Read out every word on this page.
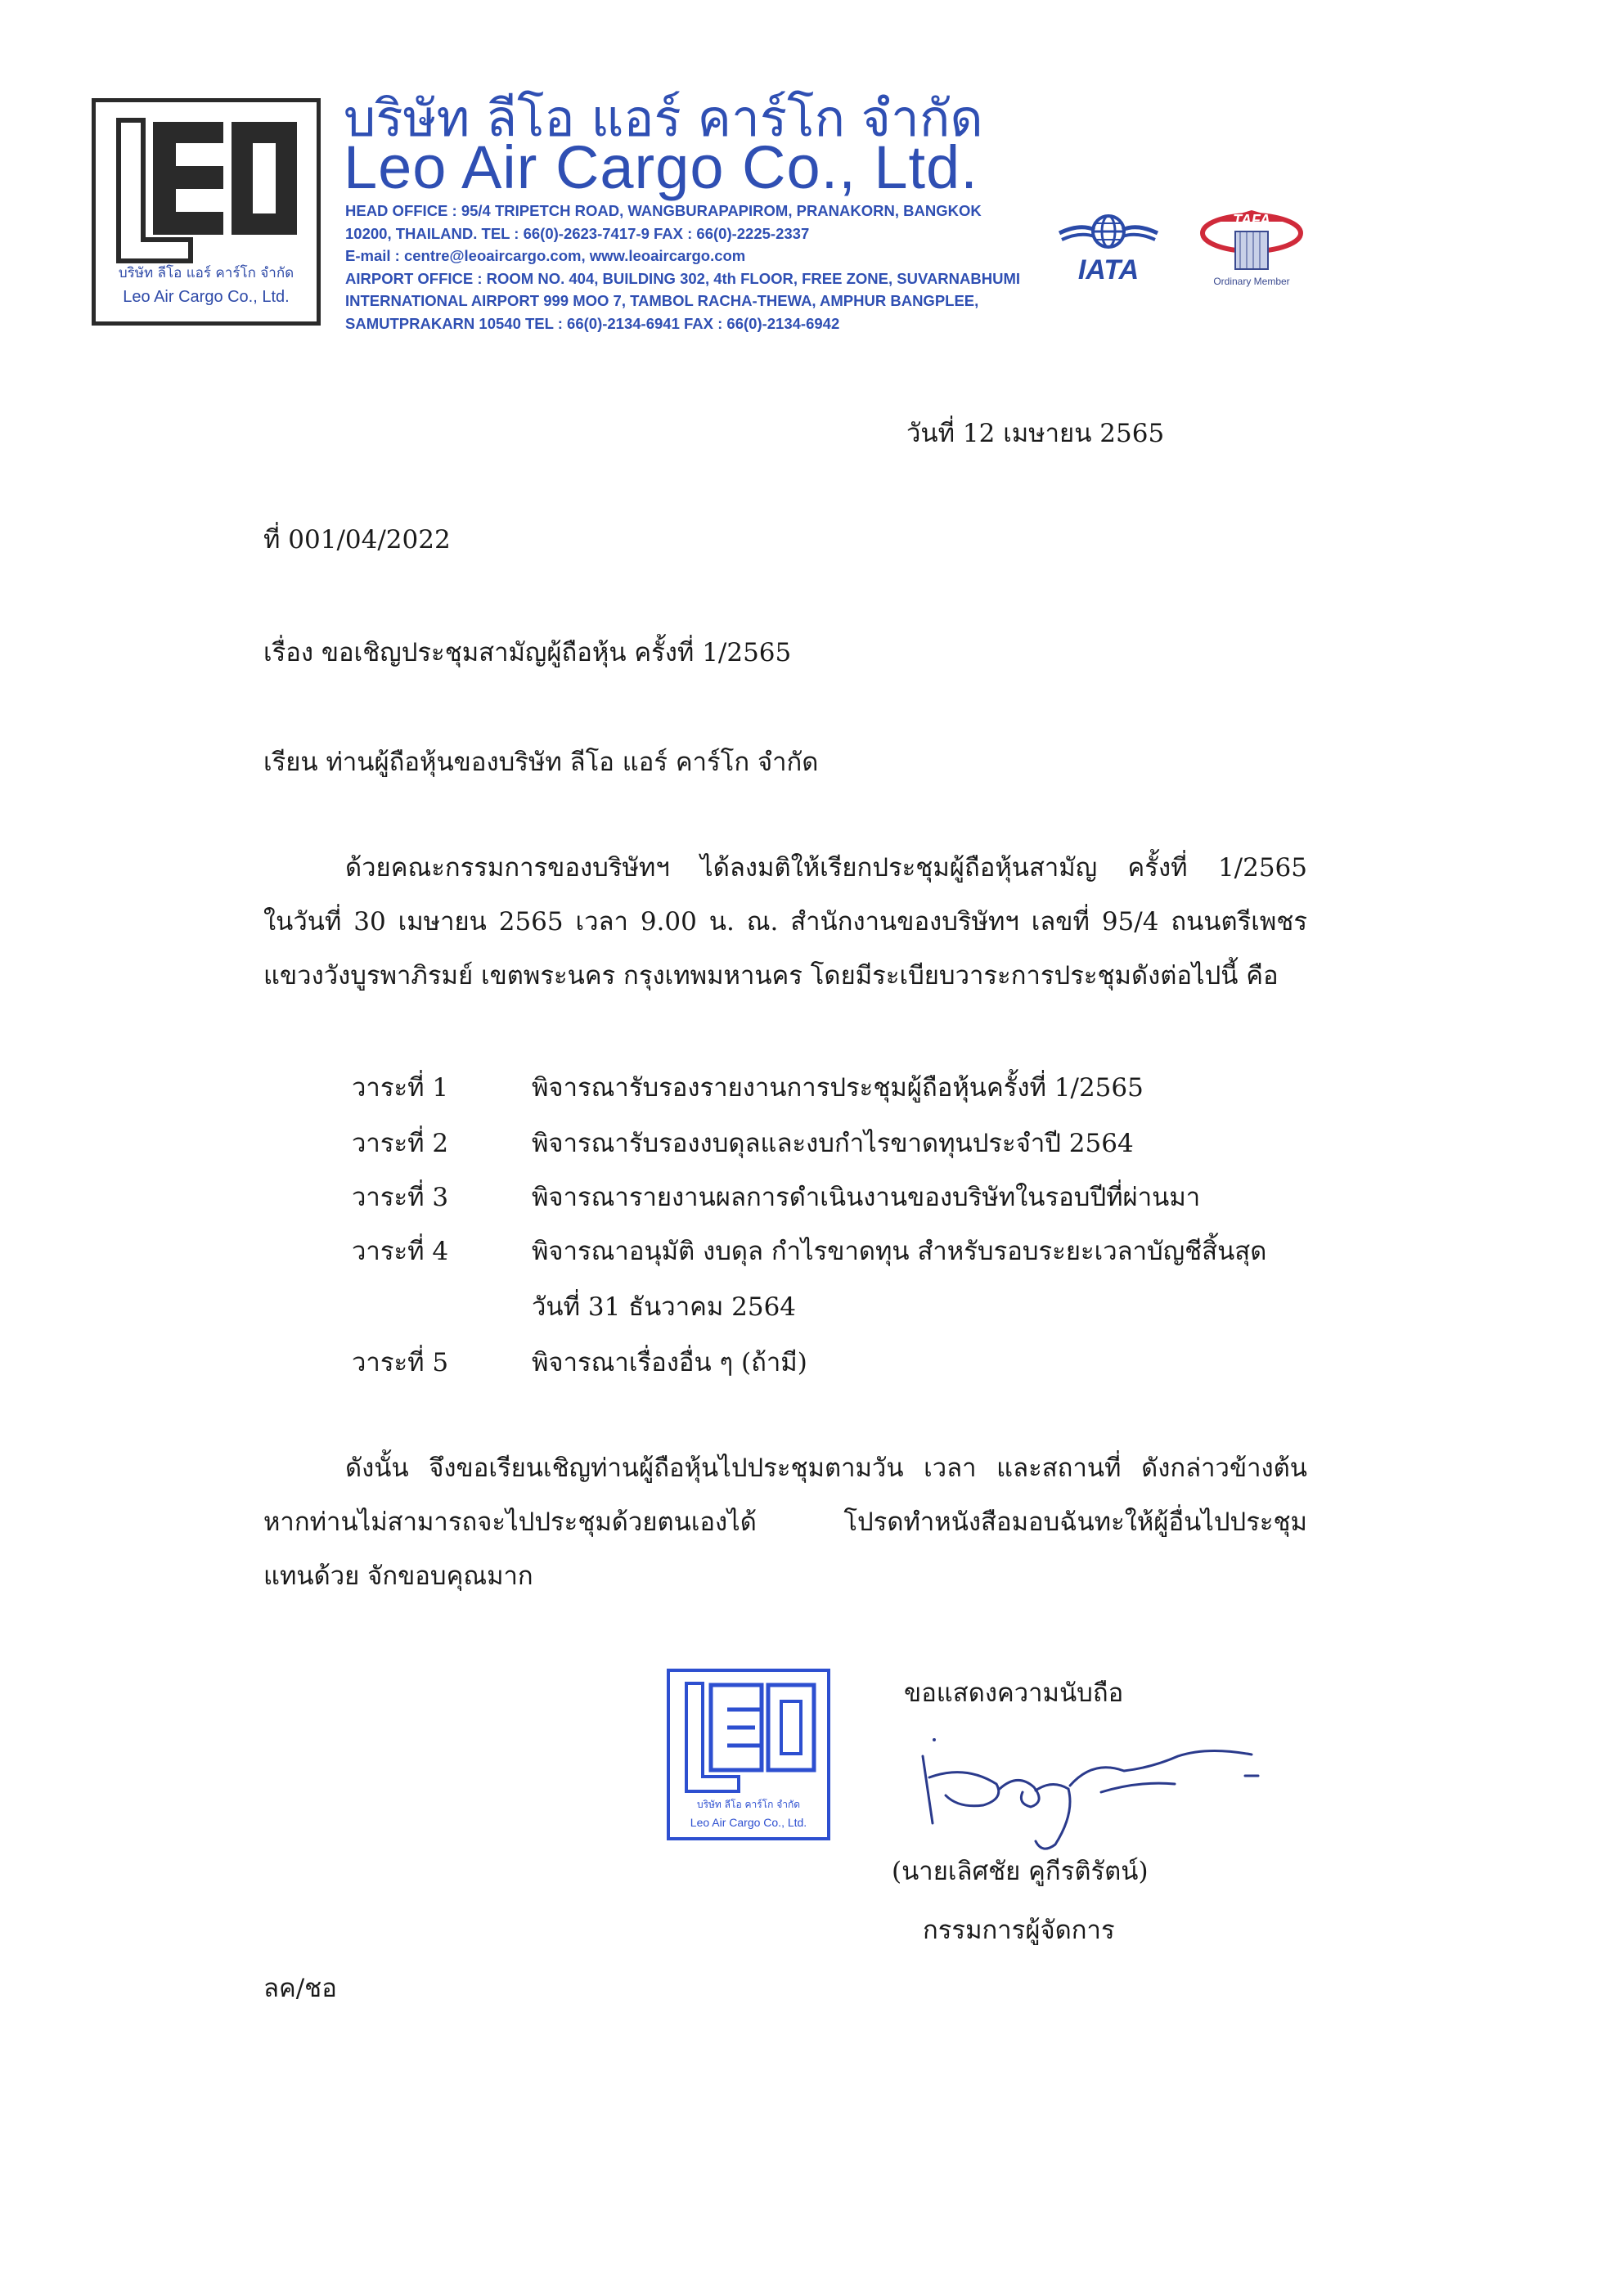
บริษัท ลีโอ แอร์ คาร์โก จำกัด
Leo Air Cargo Co., Ltd.
บริษัท ลีโอ แอร์ คาร์โก จำกัด
Leo Air Cargo Co., Ltd.
HEAD OFFICE : 95/4 TRIPETCH ROAD, WANGBURAPAPIROM, PRANAKORN, BANGKOK
10200, THAILAND. TEL : 66(0)-2623-7417-9 FAX : 66(0)-2225-2337
E-mail : centre@leoaircargo.com, www.leoaircargo.com
AIRPORT OFFICE : ROOM NO. 404, BUILDING 302, 4th FLOOR, FREE ZONE, SUVARNABHUMI
INTERNATIONAL AIRPORT 999 MOO 7, TAMBOL RACHA-THEWA, AMPHUR BANGPLEE,
SAMUTPRAKARN 10540 TEL : 66(0)-2134-6941 FAX : 66(0)-2134-6942
IATA
TAFA
Ordinary Member
วันที่ 12 เมษายน 2565
ที่ 001/04/2022
เรื่อง ขอเชิญประชุมสามัญผู้ถือหุ้น ครั้งที่ 1/2565
เรียน ท่านผู้ถือหุ้นของบริษัท ลีโอ แอร์ คาร์โก จำกัด
ด้วยคณะกรรมการของบริษัทฯ ได้ลงมติให้เรียกประชุมผู้ถือหุ้นสามัญ ครั้งที่ 1/2565
ในวันที่ 30 เมษายน 2565 เวลา 9.00 น. ณ. สำนักงานของบริษัทฯ เลขที่ 95/4 ถนนตรีเพชร
แขวงวังบูรพาภิรมย์ เขตพระนคร กรุงเทพมหานคร โดยมีระเบียบวาระการประชุมดังต่อไปนี้ คือ
วาระที่ 1	พิจารณารับรองรายงานการประชุมผู้ถือหุ้นครั้งที่ 1/2565
วาระที่ 2	พิจารณารับรองงบดุลและงบกำไรขาดทุนประจำปี 2564
วาระที่ 3	พิจารณารายงานผลการดำเนินงานของบริษัทในรอบปีที่ผ่านมา
วาระที่ 4	พิจารณาอนุมัติ งบดุล กำไรขาดทุน สำหรับรอบระยะเวลาบัญชีสิ้นสุด
วันที่ 31 ธันวาคม 2564
วาระที่ 5	พิจารณาเรื่องอื่น ๆ (ถ้ามี)
ดังนั้น จึงขอเรียนเชิญท่านผู้ถือหุ้นไปประชุมตามวัน เวลา และสถานที่ ดังกล่าวข้างต้น
หากท่านไม่สามารถจะไปประชุมด้วยตนเองได้ โปรดทำหนังสือมอบฉันทะให้ผู้อื่นไปประชุม
แทนด้วย จักขอบคุณมาก
บริษัท ลีโอ คาร์โก จำกัด
Leo Air Cargo Co., Ltd.
ขอแสดงความนับถือ
(นายเลิศชัย คูกีรติรัตน์)
กรรมการผู้จัดการ
ลค/ชอ
